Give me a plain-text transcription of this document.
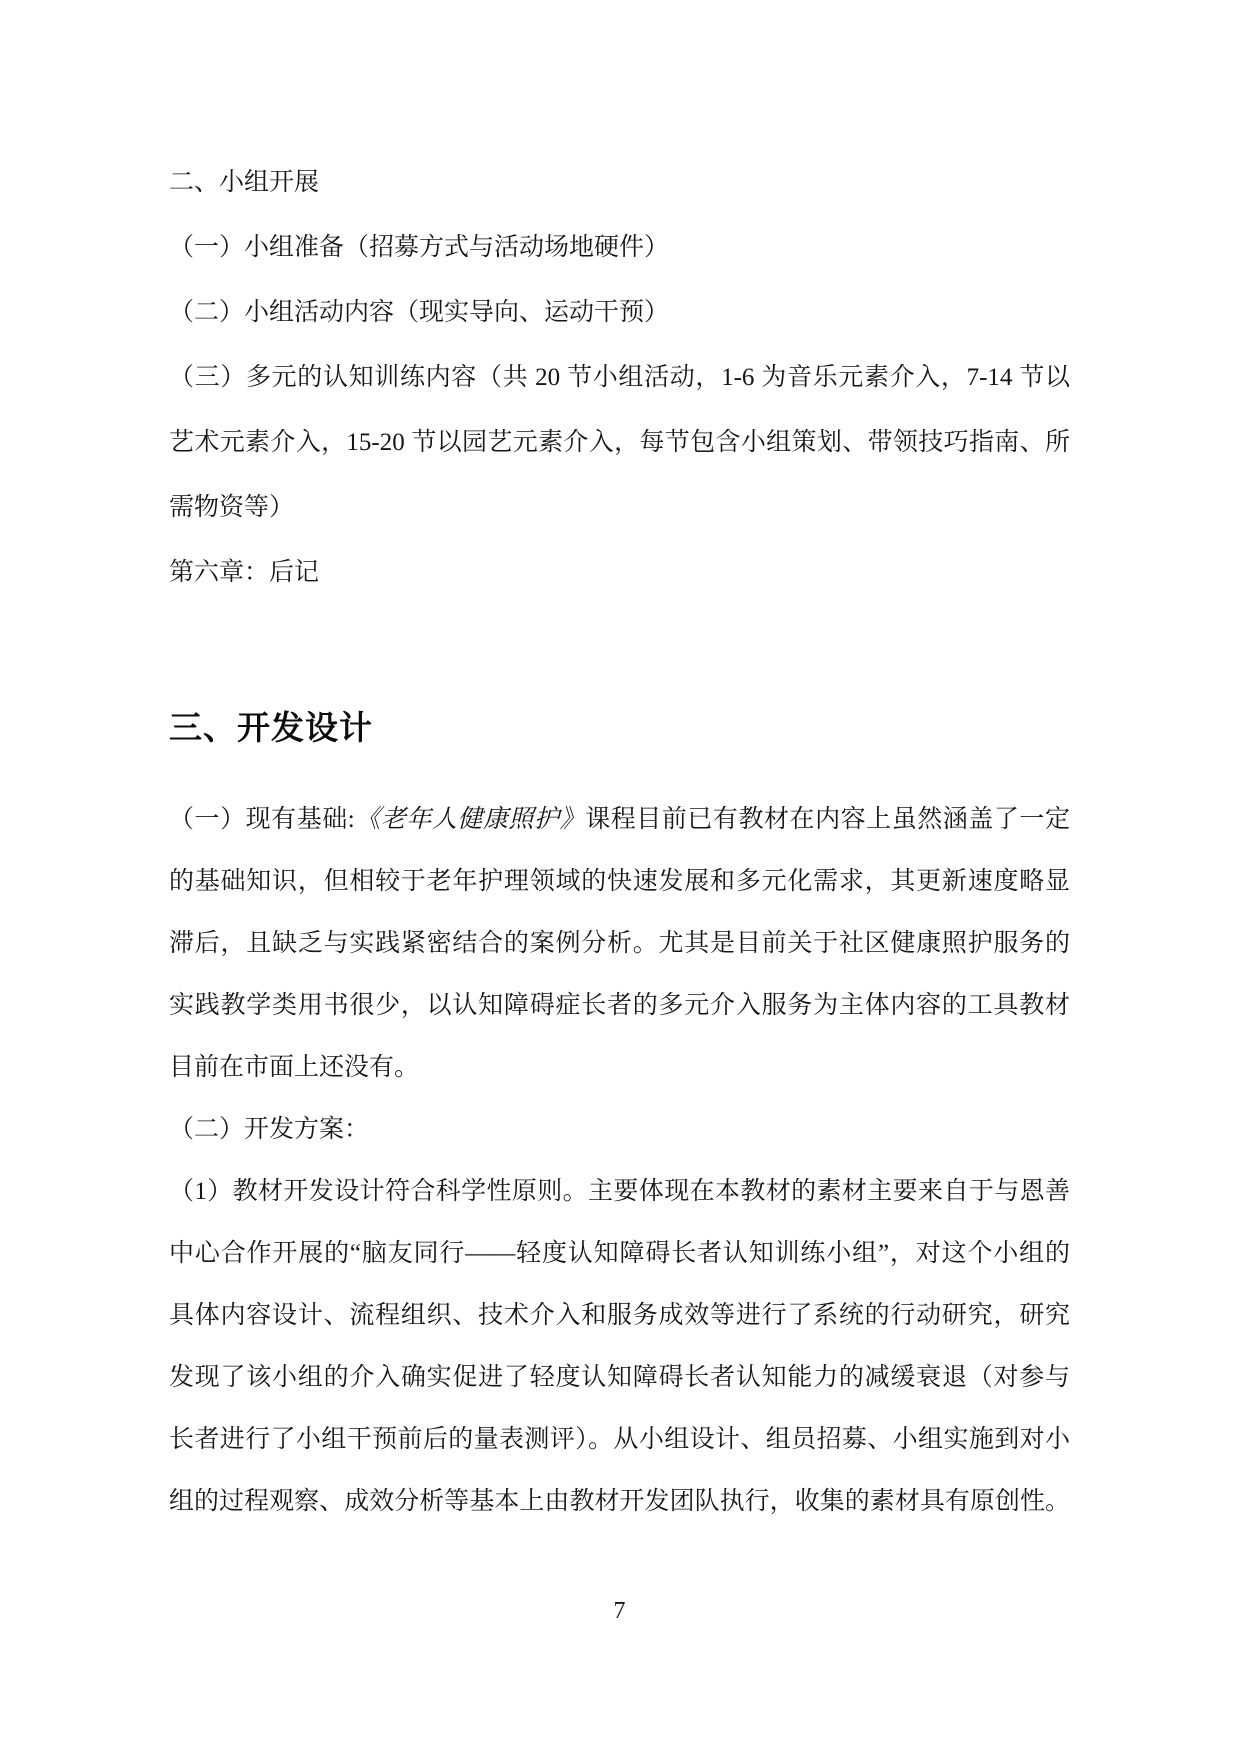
二、小组开展

（一）小组准备（招募方式与活动场地硬件）

（二）小组活动内容（现实导向、运动干预）

（三）多元的认知训练内容（共 20 节小组活动，1-6 为音乐元素介入，7-14 节以

艺术元素介入，15-20 节以园艺元素介入，每节包含小组策划、带领技巧指南、所

需物资等）

第六章：后记

三、开发设计

（一）现有基础:《老年人健康照护》课程目前已有教材在内容上虽然涵盖了一定

的基础知识，但相较于老年护理领域的快速发展和多元化需求，其更新速度略显

滞后，且缺乏与实践紧密结合的案例分析。尤其是目前关于社区健康照护服务的

实践教学类用书很少，以认知障碍症长者的多元介入服务为主体内容的工具教材

目前在市面上还没有。

（二）开发方案：

（1）教材开发设计符合科学性原则。主要体现在本教材的素材主要来自于与恩善

中心合作开展的“脑友同行——轻度认知障碍长者认知训练小组”，对这个小组的

具体内容设计、流程组织、技术介入和服务成效等进行了系统的行动研究，研究

发现了该小组的介入确实促进了轻度认知障碍长者认知能力的减缓衰退（对参与

长者进行了小组干预前后的量表测评）。从小组设计、组员招募、小组实施到对小

组的过程观察、成效分析等基本上由教材开发团队执行，收集的素材具有原创性。

7
